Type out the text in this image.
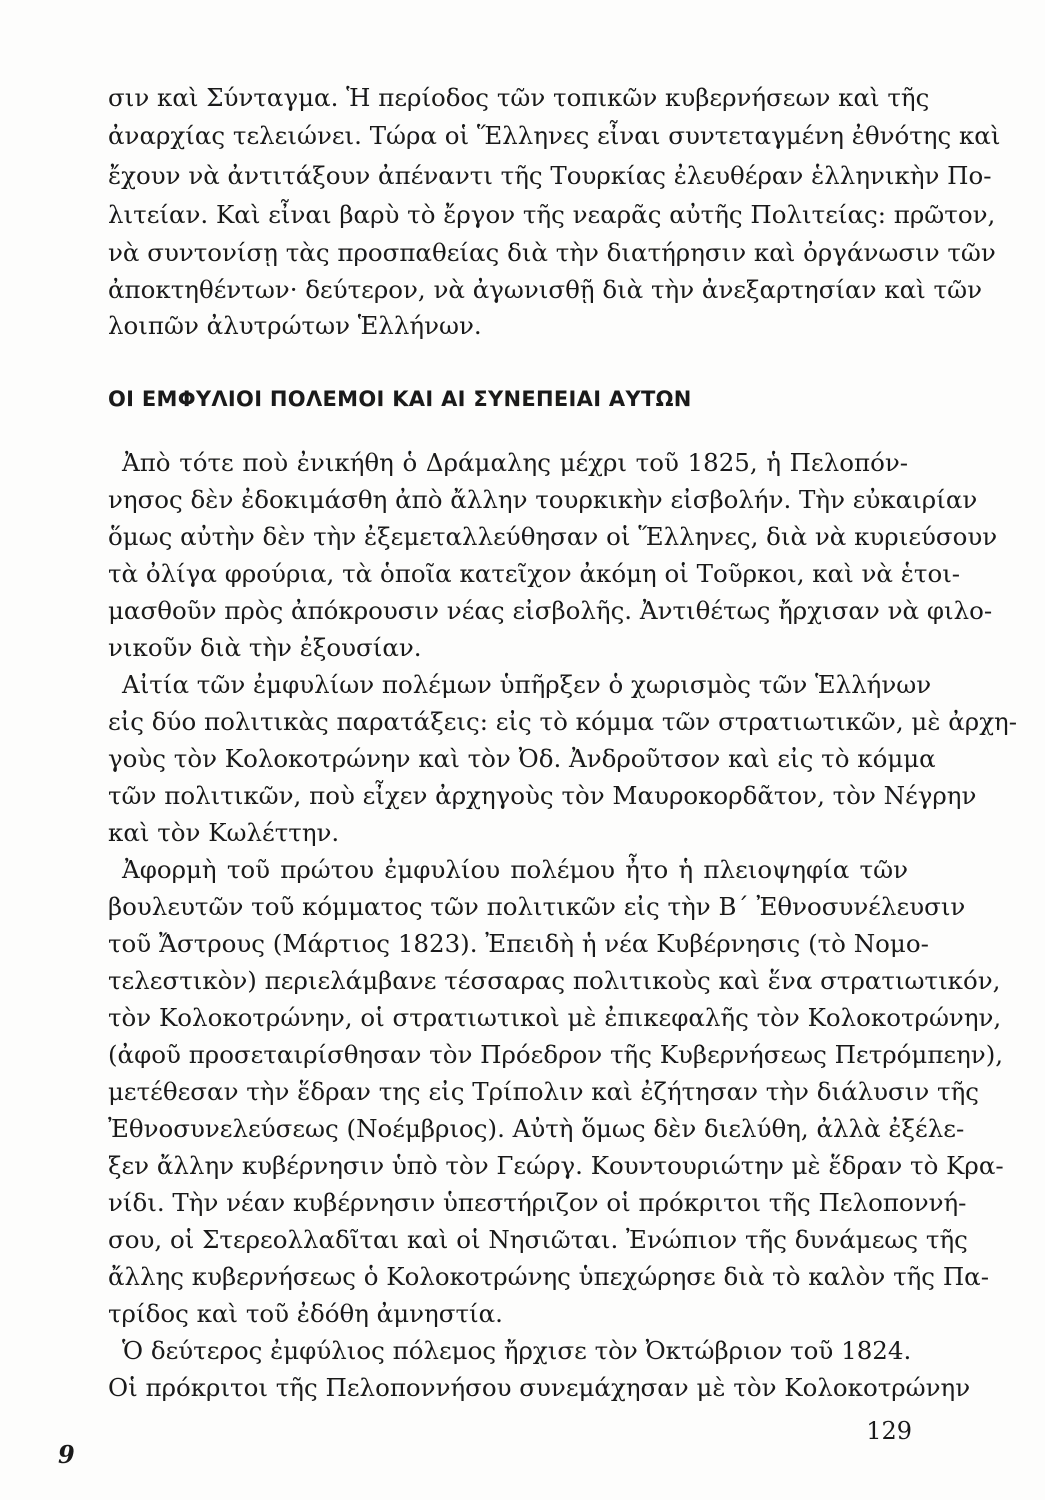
σιν καὶ Σύνταγμα. Ἡ περίοδος τῶν τοπικῶν κυβερνήσεων καὶ τῆς
ἀναρχίας τελειώνει. Τώρα οἱ Ἕλληνες εἶναι συντεταγμένη ἐθνότης καὶ
ἔχουν νὰ ἀντιτάξουν ἀπέναντι τῆς Τουρκίας ἐλευθέραν ἑλληνικὴν Πο-
λιτείαν. Καὶ εἶναι βαρὺ τὸ ἔργον τῆς νεαρᾶς αὐτῆς Πολιτείας: πρῶτον,
νὰ συντονίσῃ τὰς προσπαθείας διὰ τὴν διατήρησιν καὶ ὀργάνωσιν τῶν
ἀποκτηθέντων· δεύτερον, νὰ ἀγωνισθῇ διὰ τὴν ἀνεξαρτησίαν καὶ τῶν
λοιπῶν ἀλυτρώτων Ἑλλήνων.
ΟΙ ΕΜΦΥΛΙΟΙ ΠΟΛΕΜΟΙ ΚΑΙ ΑΙ ΣΥΝΕΠΕΙΑΙ ΑΥΤΩΝ
Ἀπὸ τότε ποὺ ἐνικήθη ὁ Δράμαλης μέχρι τοῦ 1825, ἡ Πελοπόν-
νησος δὲν ἐδοκιμάσθη ἀπὸ ἄλλην τουρκικὴν εἰσβολήν. Τὴν εὐκαιρίαν
ὅμως αὐτὴν δὲν τὴν ἐξεμεταλλεύθησαν οἱ Ἕλληνες, διὰ νὰ κυριεύσουν
τὰ ὀλίγα φρούρια, τὰ ὁποῖα κατεῖχον ἀκόμη οἱ Τοῦρκοι, καὶ νὰ ἑτοι-
μασθοῦν πρὸς ἀπόκρουσιν νέας εἰσβολῆς. Ἀντιθέτως ἤρχισαν νὰ φιλο-
νικοῦν διὰ τὴν ἐξουσίαν.
Αἰτία τῶν ἐμφυλίων πολέμων ὑπῆρξεν ὁ χωρισμὸς τῶν Ἑλλήνων
εἰς δύο πολιτικὰς παρατάξεις: εἰς τὸ κόμμα τῶν στρατιωτικῶν, μὲ ἀρχη-
γοὺς τὸν Κολοκοτρώνην καὶ τὸν Ὀδ. Ἀνδροῦτσον καὶ εἰς τὸ κόμμα
τῶν πολιτικῶν, ποὺ εἶχεν ἀρχηγοὺς τὸν Μαυροκορδᾶτον, τὸν Νέγρην
καὶ τὸν Κωλέττην.
Ἀφορμὴ τοῦ πρώτου ἐμφυλίου πολέμου ἦτο ἡ πλειοψηφία τῶν
βουλευτῶν τοῦ κόμματος τῶν πολιτικῶν εἰς τὴν Β΄ Ἐθνοσυνέλευσιν
τοῦ Ἄστρους (Μάρτιος 1823). Ἐπειδὴ ἡ νέα Κυβέρνησις (τὸ Νομο-
τελεστικὸν) περιελάμβανε τέσσαρας πολιτικοὺς καὶ ἕνα στρατιωτικόν,
τὸν Κολοκοτρώνην, οἱ στρατιωτικοὶ μὲ ἐπικεφαλῆς τὸν Κολοκοτρώνην,
(ἀφοῦ προσεταιρίσθησαν τὸν Πρόεδρον τῆς Κυβερνήσεως Πετρόμπεην),
μετέθεσαν τὴν ἕδραν της εἰς Τρίπολιν καὶ ἐζήτησαν τὴν διάλυσιν τῆς
Ἐθνοσυνελεύσεως (Νοέμβριος). Αὐτὴ ὅμως δὲν διελύθη, ἀλλὰ ἐξέλε-
ξεν ἄλλην κυβέρνησιν ὑπὸ τὸν Γεώργ. Κουντουριώτην μὲ ἕδραν τὸ Κρα-
νίδι. Τὴν νέαν κυβέρνησιν ὑπεστήριζον οἱ πρόκριτοι τῆς Πελοποννή-
σου, οἱ Στερεολλαδῖται καὶ οἱ Νησιῶται. Ἐνώπιον τῆς δυνάμεως τῆς
ἄλλης κυβερνήσεως ὁ Κολοκοτρώνης ὑπεχώρησε διὰ τὸ καλὸν τῆς Πα-
τρίδος καὶ τοῦ ἐδόθη ἀμνηστία.
Ὁ δεύτερος ἐμφύλιος πόλεμος ἤρχισε τὸν Ὀκτώβριον τοῦ 1824.
Οἱ πρόκριτοι τῆς Πελοποννήσου συνεμάχησαν μὲ τὸν Κολοκοτρώνην
129
9
